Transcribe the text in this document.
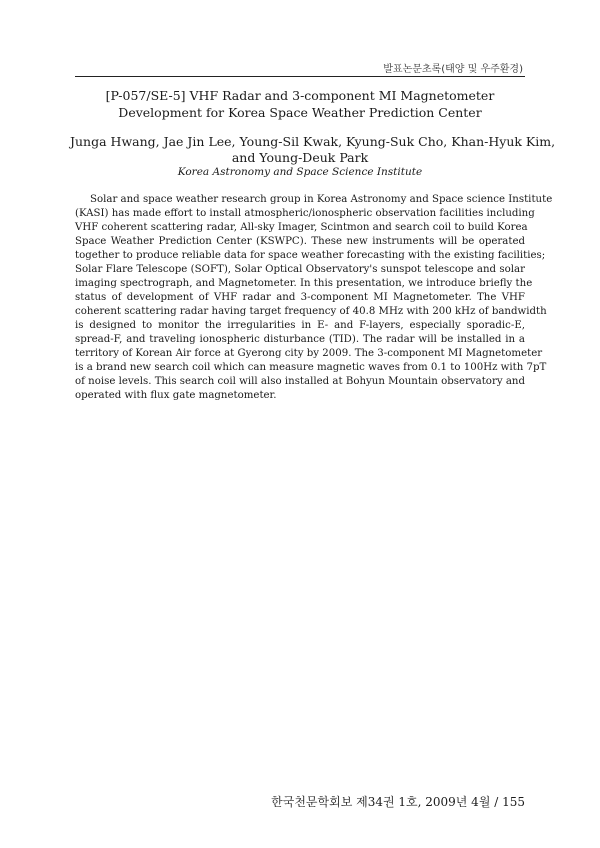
발표논문초록(태양 및 우주환경)
[P-057/SE-5] VHF Radar and 3-component MI Magnetometer
Development for Korea Space Weather Prediction Center
Junga Hwang, Jae Jin Lee, Young-Sil Kwak, Kyung-Suk Cho, Khan-Hyuk Kim,
and Young-Deuk Park
Korea Astronomy and Space Science Institute
Solar and space weather research group in Korea Astronomy and Space science Institute
(KASI) has made effort to install atmospheric/ionospheric observation facilities including
VHF coherent scattering radar, All-sky Imager, Scintmon and search coil to build Korea
Space Weather Prediction Center (KSWPC). These new instruments will be operated
together to produce reliable data for space weather forecasting with the existing facilities;
Solar Flare Telescope (SOFT), Solar Optical Observatory's sunspot telescope and solar
imaging spectrograph, and Magnetometer. In this presentation, we introduce briefly the
status of development of VHF radar and 3-component MI Magnetometer. The VHF
coherent scattering radar having target frequency of 40.8 MHz with 200 kHz of bandwidth
is designed to monitor the irregularities in E- and F-layers, especially sporadic-E,
spread-F, and traveling ionospheric disturbance (TID). The radar will be installed in a
territory of Korean Air force at Gyerong city by 2009. The 3-component MI Magnetometer
is a brand new search coil which can measure magnetic waves from 0.1 to 100Hz with 7pT
of noise levels. This search coil will also installed at Bohyun Mountain observatory and
operated with flux gate magnetometer.
한국천문학회보 제34권 1호, 2009년 4월 / 155
